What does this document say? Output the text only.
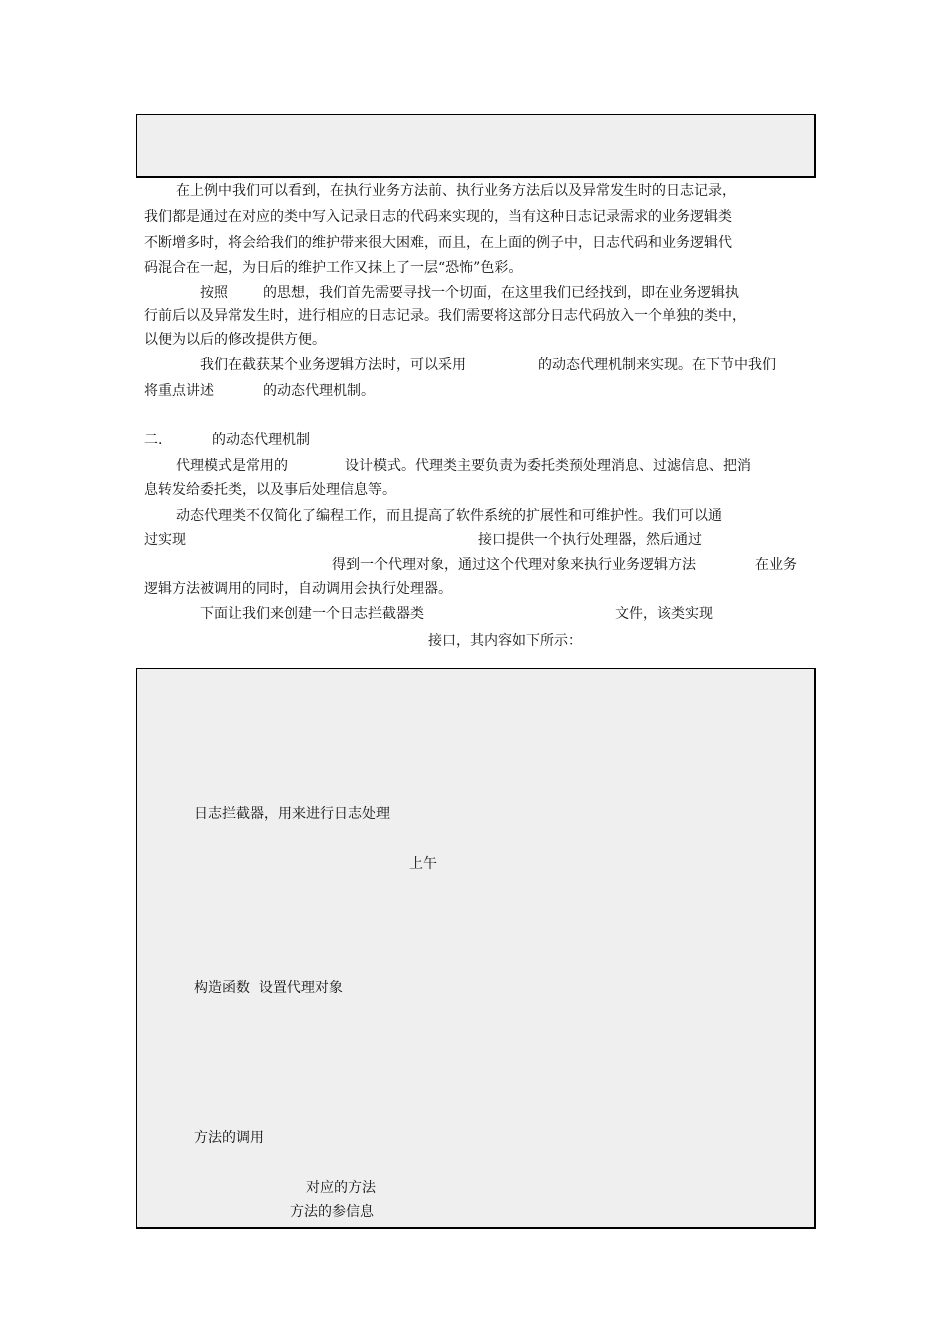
在上例中我们可以看到，在执行业务方法前、执行业务方法后以及异常发生时的日志记录，

我们都是通过在对应的类中写入记录日志的代码来实现的，当有这种日志记录需求的业务逻辑类

不断增多时，将会给我们的维护带来很大困难，而且，在上面的例子中，日志代码和业务逻辑代

码混合在一起，为日后的维护工作又抹上了一层“恐怖”色彩。

按照	的思想，我们首先需要寻找一个切面，在这里我们已经找到，即在业务逻辑执

行前后以及异常发生时，进行相应的日志记录。我们需要将这部分日志代码放入一个单独的类中，

以便为以后的修改提供方便。

我们在截获某个业务逻辑方法时，可以采用	的动态代理机制来实现。在下节中我们

将重点讲述	的动态代理机制。

二.	的动态代理机制

代理模式是常用的	设计模式。代理类主要负责为委托类预处理消息、过滤信息、把消

息转发给委托类，以及事后处理信息等。

动态代理类不仅简化了编程工作，而且提高了软件系统的扩展性和可维护性。我们可以通

过实现	接口提供一个执行处理器，然后通过

得到一个代理对象，通过这个代理对象来执行业务逻辑方法	在业务

逻辑方法被调用的同时，自动调用会执行处理器。

下面让我们来创建一个日志拦截器类	文件，该类实现

接口，其内容如下所示：

日志拦截器，用来进行日志处理

上午

构造函数  设置代理对象

方法的调用

对应的方法

方法的参信息
